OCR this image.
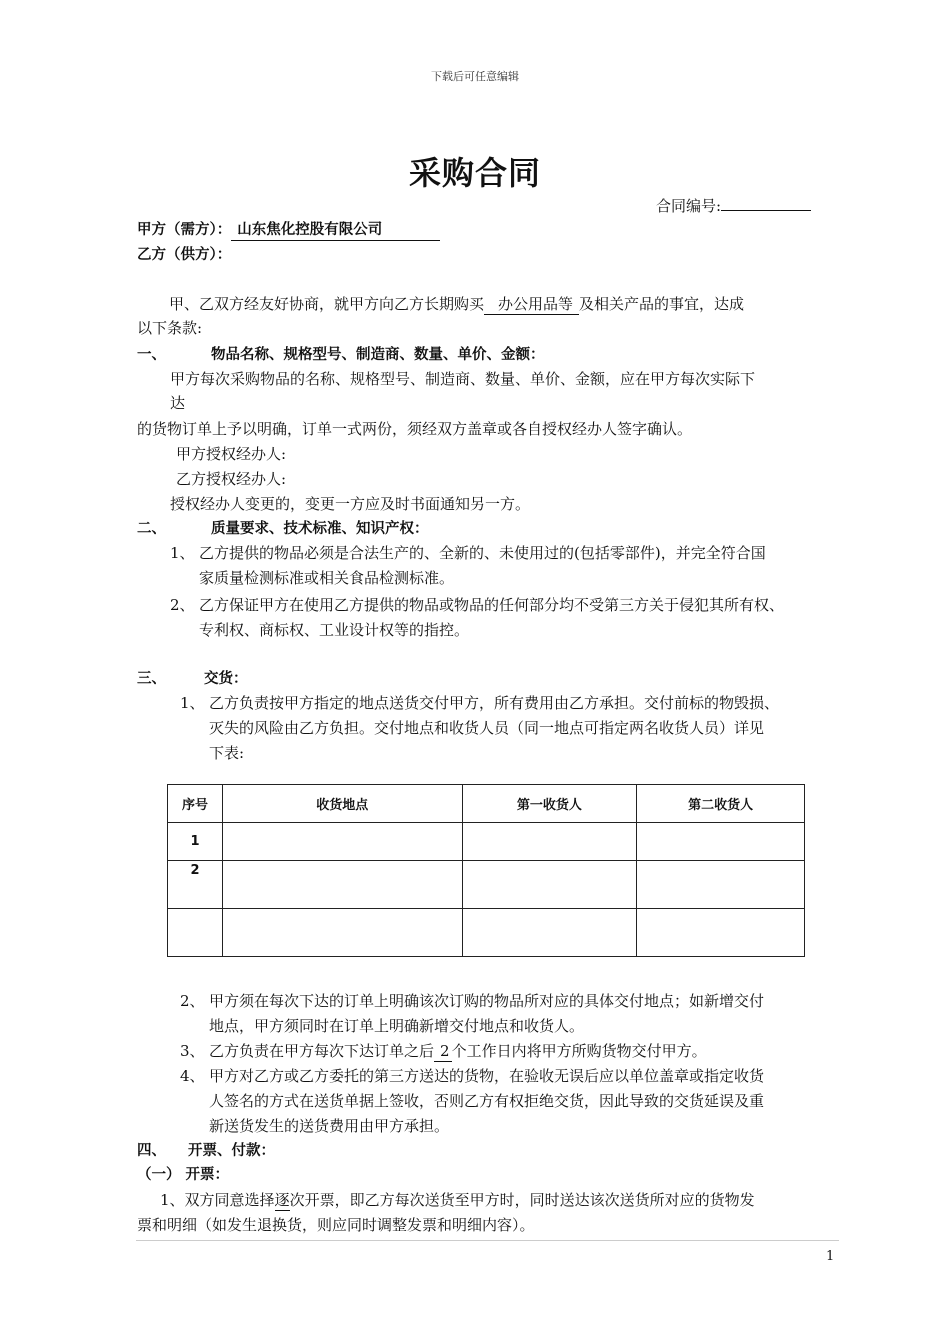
下载后可任意编辑
采购合同
合同编号:
甲方（需方）： 山东焦化控股有限公司
乙方（供方）：
甲、乙双方经友好协商，就甲方向乙方长期购买 办公用品等 及相关产品的事宜，达成
以下条款:
一、	物品名称、规格型号、制造商、数量、单价、金额：
甲方每次采购物品的名称、规格型号、制造商、数量、单价、金额，应在甲方每次实际下
达
的货物订单上予以明确，订单一式两份，须经双方盖章或各自授权经办人签字确认。
甲方授权经办人:
乙方授权经办人:
授权经办人变更的，变更一方应及时书面通知另一方。
二、	质量要求、技术标准、知识产权：
1、 乙方提供的物品必须是合法生产的、全新的、未使用过的(包括零部件)，并完全符合国
家质量检测标准或相关食品检测标准。
2、 乙方保证甲方在使用乙方提供的物品或物品的任何部分均不受第三方关于侵犯其所有权、
专利权、商标权、工业设计权等的指控。
三、	交货：
1、 乙方负责按甲方指定的地点送货交付甲方，所有费用由乙方承担。交付前标的物毁损、
灭失的风险由乙方负担。交付地点和收货人员（同一地点可指定两名收货人员）详见
下表:
序号	收货地点	第一收货人	第二收货人
1			
2			

2、 甲方须在每次下达的订单上明确该次订购的物品所对应的具体交付地点；如新增交付
地点，甲方须同时在订单上明确新增交付地点和收货人。
3、 乙方负责在甲方每次下达订单之后 2 个工作日内将甲方所购货物交付甲方。
4、 甲方对乙方或乙方委托的第三方送达的货物，在验收无误后应以单位盖章或指定收货
人签名的方式在送货单据上签收，否则乙方有权拒绝交货，因此导致的交货延误及重
新送货发生的送货费用由甲方承担。
四、 开票、付款：
（一） 开票：
1、双方同意选择逐次开票，即乙方每次送货至甲方时，同时送达该次送货所对应的货物发
票和明细（如发生退换货，则应同时调整发票和明细内容）。
1
